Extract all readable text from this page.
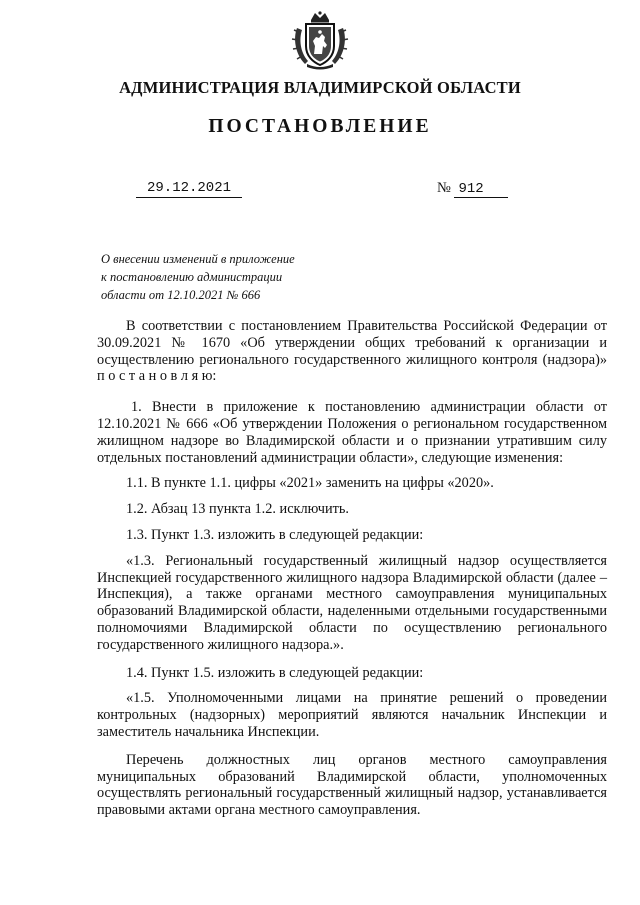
АДМИНИСТРАЦИЯ ВЛАДИМИРСКОЙ ОБЛАСТИ
ПОСТАНОВЛЕНИЕ
29.12.2021	№ 912
О внесении изменений в приложение
к постановлению администрации
области от 12.10.2021 № 666

В соответствии с постановлением Правительства Российской Федерации от 30.09.2021 № 1670 «Об утверждении общих требований к организации и осуществлению регионального государственного жилищного контроля (надзора)» п о с т а н о в л я ю:

1. Внести в приложение к постановлению администрации области от 12.10.2021 № 666 «Об утверждении Положения о региональном государственном жилищном надзоре во Владимирской области и о признании утратившим силу отдельных постановлений администрации области», следующие изменения:

1.1. В пункте 1.1. цифры «2021» заменить на цифры «2020».

1.2. Абзац 13 пункта 1.2. исключить.

1.3. Пункт 1.3. изложить в следующей редакции:

«1.3. Региональный государственный жилищный надзор осуществляется Инспекцией государственного жилищного надзора Владимирской области (далее – Инспекция), а также органами местного самоуправления муниципальных образований Владимирской области, наделенными отдельными государственными полномочиями Владимирской области по осуществлению регионального государственного жилищного надзора.».

1.4. Пункт 1.5. изложить в следующей редакции:

«1.5. Уполномоченными лицами на принятие решений о проведении контрольных (надзорных) мероприятий являются начальник Инспекции и заместитель начальника Инспекции.

Перечень должностных лиц органов местного самоуправления муниципальных образований Владимирской области, уполномоченных осуществлять региональный государственный жилищный надзор, устанавливается правовыми актами органа местного самоуправления.
